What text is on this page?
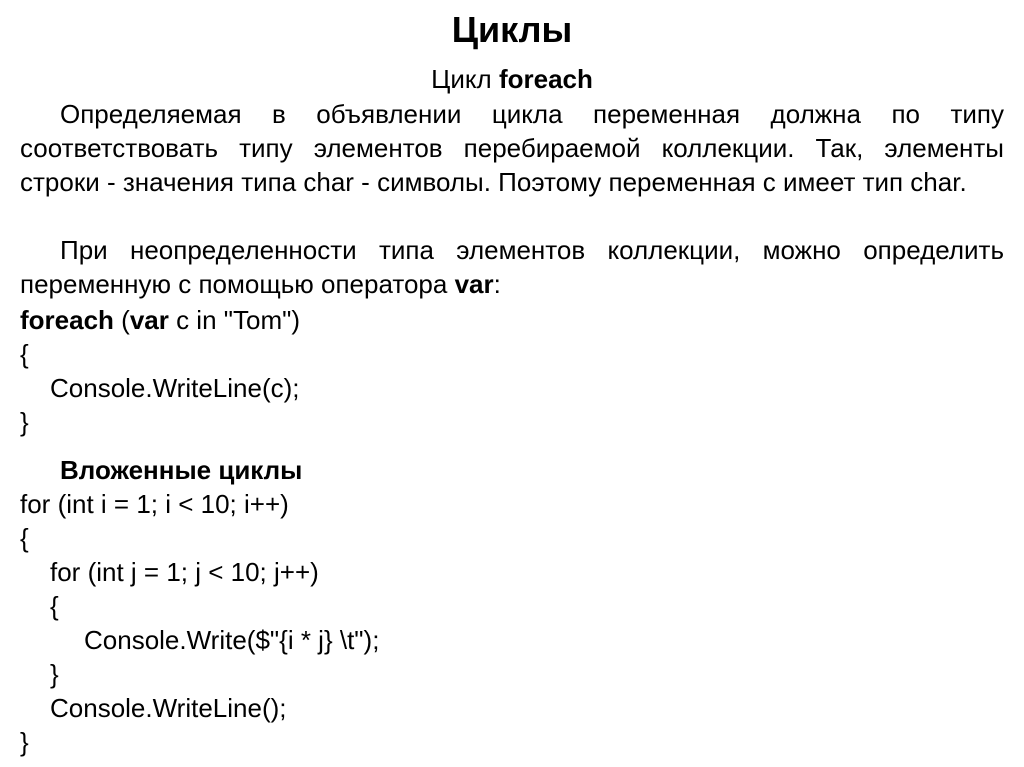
Циклы
Цикл foreach

Определяемая в объявлении цикла переменная должна по типу соответствовать типу элементов перебираемой коллекции. Так, элементы строки - значения типа char - символы. Поэтому переменная c имеет тип char.

При неопределенности типа элементов коллекции, можно определить переменную с помощью оператора var:

foreach (var c in "Tom")
{
Console.WriteLine(c);
}
Вложенные циклы
for (int i = 1; i < 10; i++)
{
for (int j = 1; j < 10; j++)
{
Console.Write($"{i * j} \t");
}
Console.WriteLine();
}
